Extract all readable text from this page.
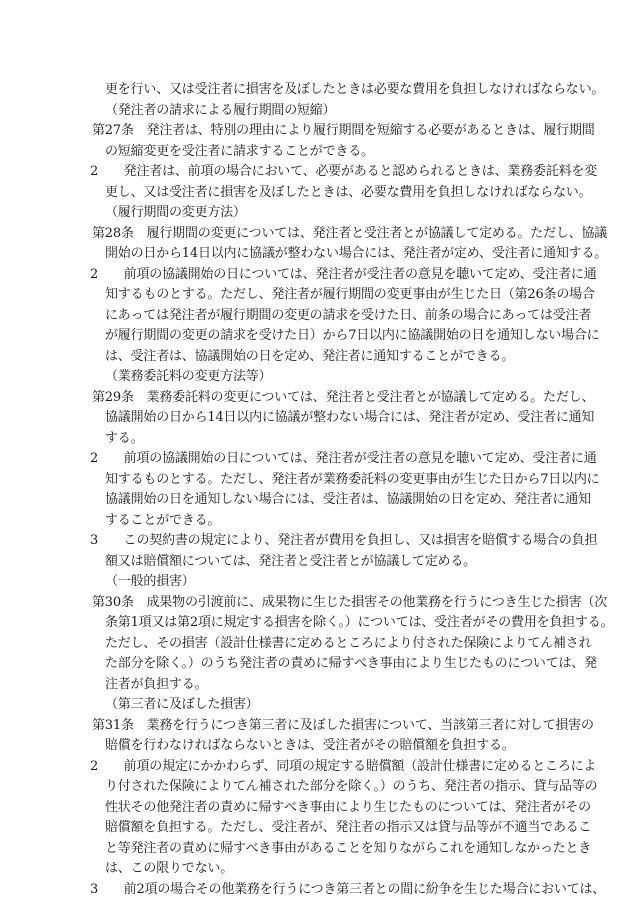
更を行い、又は受注者に損害を及ぼしたときは必要な費用を負担しなければならない。
（発注者の請求による履行期間の短縮）
第27条　発注者は、特別の理由により履行期間を短縮する必要があるときは、履行期間
の短縮変更を受注者に請求することができる。
2　　発注者は、前項の場合において、必要があると認められるときは、業務委託料を変
更し、又は受注者に損害を及ぼしたときは、必要な費用を負担しなければならない。
（履行期間の変更方法）
第28条　履行期間の変更については、発注者と受注者とが協議して定める。ただし、協議
開始の日から14日以内に協議が整わない場合には、発注者が定め、受注者に通知する。
2　　前項の協議開始の日については、発注者が受注者の意見を聴いて定め、受注者に通
知するものとする。ただし、発注者が履行期間の変更事由が生じた日（第26条の場合
にあっては発注者が履行期間の変更の請求を受けた日、前条の場合にあっては受注者
が履行期間の変更の請求を受けた日）から7日以内に協議開始の日を通知しない場合に
は、受注者は、協議開始の日を定め、発注者に通知することができる。
（業務委託料の変更方法等）
第29条　業務委託料の変更については、発注者と受注者とが協議して定める。ただし、
協議開始の日から14日以内に協議が整わない場合には、発注者が定め、受注者に通知
する。
2　　前項の協議開始の日については、発注者が受注者の意見を聴いて定め、受注者に通
知するものとする。ただし、発注者が業務委託料の変更事由が生じた日から7日以内に
協議開始の日を通知しない場合には、受注者は、協議開始の日を定め、発注者に通知
することができる。
3　　この契約書の規定により、発注者が費用を負担し、又は損害を賠償する場合の負担
額又は賠償額については、発注者と受注者とが協議して定める。
（一般的損害）
第30条　成果物の引渡前に、成果物に生じた損害その他業務を行うにつき生じた損害（次
条第1項又は第2項に規定する損害を除く。）については、受注者がその費用を負担する。
ただし、その損害（設計仕様書に定めるところにより付された保険によりてん補され
た部分を除く。）のうち発注者の責めに帰すべき事由により生じたものについては、発
注者が負担する。
（第三者に及ぼした損害）
第31条　業務を行うにつき第三者に及ぼした損害について、当該第三者に対して損害の
賠償を行わなければならないときは、受注者がその賠償額を負担する。
2　　前項の規定にかかわらず、同項の規定する賠償額（設計仕様書に定めるところによ
り付された保険によりてん補された部分を除く。）のうち、発注者の指示、貸与品等の
性状その他発注者の責めに帰すべき事由により生じたものについては、発注者がその
賠償額を負担する。ただし、受注者が、発注者の指示又は貸与品等が不適当であるこ
と等発注者の責めに帰すべき事由があることを知りながらこれを通知しなかったとき
は、この限りでない。
3　　前2項の場合その他業務を行うにつき第三者との間に紛争を生じた場合においては、
